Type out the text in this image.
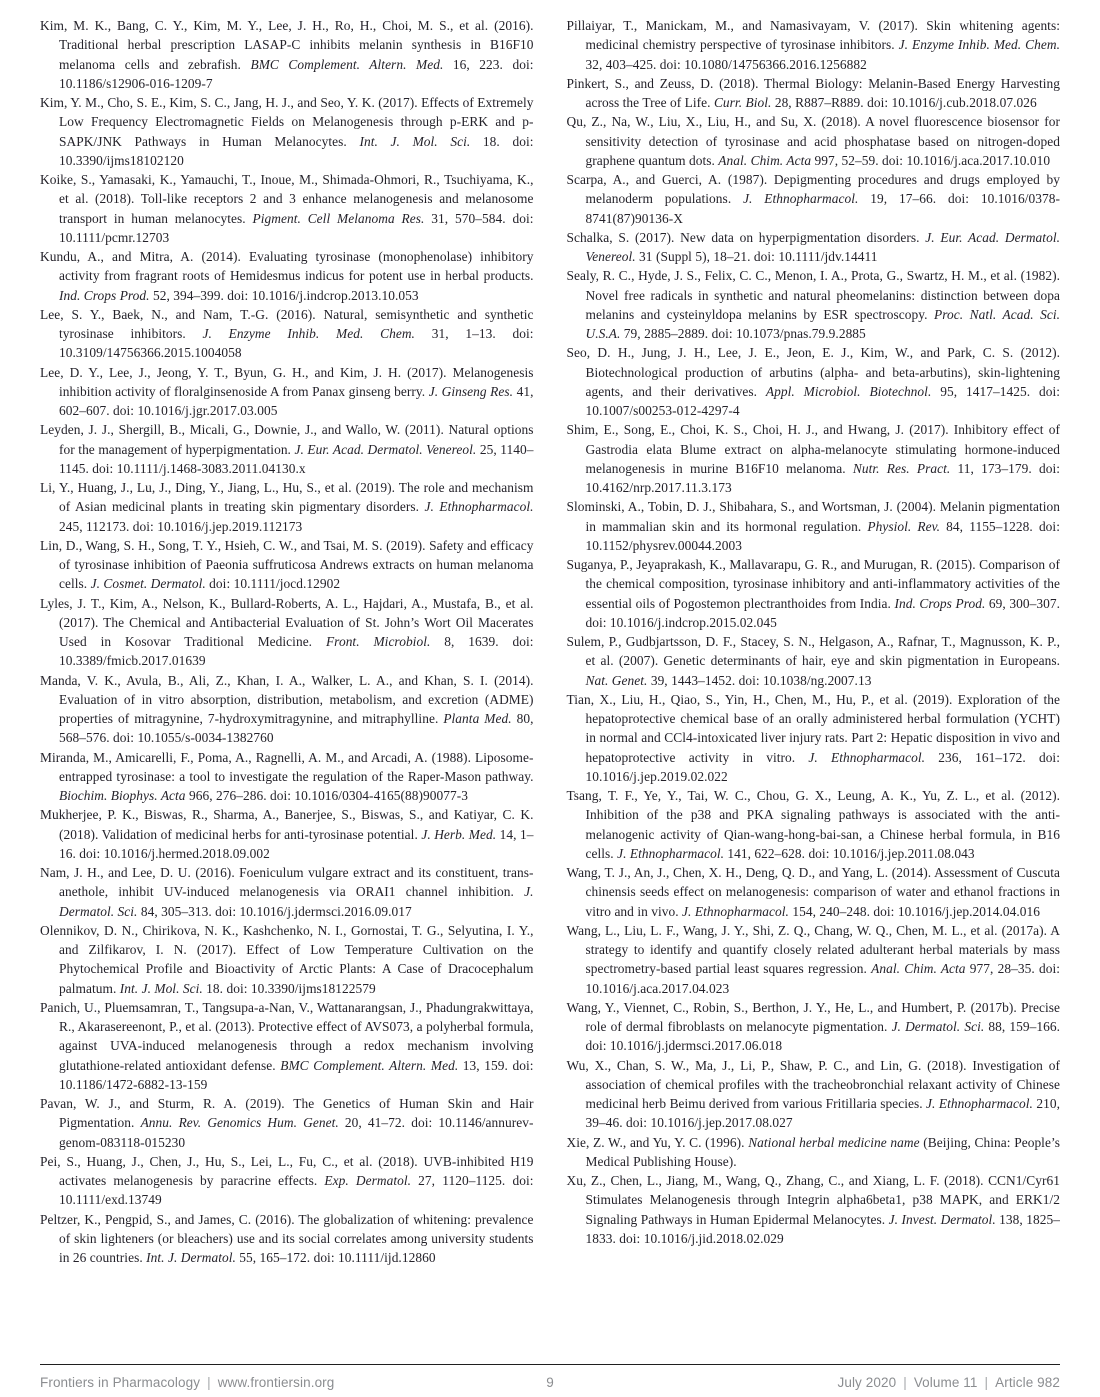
Kim, M. K., Bang, C. Y., Kim, M. Y., Lee, J. H., Ro, H., Choi, M. S., et al. (2016). Traditional herbal prescription LASAP-C inhibits melanin synthesis in B16F10 melanoma cells and zebrafish. BMC Complement. Altern. Med. 16, 223. doi: 10.1186/s12906-016-1209-7

Kim, Y. M., Cho, S. E., Kim, S. C., Jang, H. J., and Seo, Y. K. (2017). Effects of Extremely Low Frequency Electromagnetic Fields on Melanogenesis through p-ERK and p-SAPK/JNK Pathways in Human Melanocytes. Int. J. Mol. Sci. 18. doi: 10.3390/ijms18102120

Koike, S., Yamasaki, K., Yamauchi, T., Inoue, M., Shimada-Ohmori, R., Tsuchiyama, K., et al. (2018). Toll-like receptors 2 and 3 enhance melanogenesis and melanosome transport in human melanocytes. Pigment. Cell Melanoma Res. 31, 570–584. doi: 10.1111/pcmr.12703

Kundu, A., and Mitra, A. (2014). Evaluating tyrosinase (monophenolase) inhibitory activity from fragrant roots of Hemidesmus indicus for potent use in herbal products. Ind. Crops Prod. 52, 394–399. doi: 10.1016/j.indcrop.2013.10.053

Lee, S. Y., Baek, N., and Nam, T.-G. (2016). Natural, semisynthetic and synthetic tyrosinase inhibitors. J. Enzyme Inhib. Med. Chem. 31, 1–13. doi: 10.3109/14756366.2015.1004058

Lee, D. Y., Lee, J., Jeong, Y. T., Byun, G. H., and Kim, J. H. (2017). Melanogenesis inhibition activity of floralginsenoside A from Panax ginseng berry. J. Ginseng Res. 41, 602–607. doi: 10.1016/j.jgr.2017.03.005

Leyden, J. J., Shergill, B., Micali, G., Downie, J., and Wallo, W. (2011). Natural options for the management of hyperpigmentation. J. Eur. Acad. Dermatol. Venereol. 25, 1140–1145. doi: 10.1111/j.1468-3083.2011.04130.x

Li, Y., Huang, J., Lu, J., Ding, Y., Jiang, L., Hu, S., et al. (2019). The role and mechanism of Asian medicinal plants in treating skin pigmentary disorders. J. Ethnopharmacol. 245, 112173. doi: 10.1016/j.jep.2019.112173

Lin, D., Wang, S. H., Song, T. Y., Hsieh, C. W., and Tsai, M. S. (2019). Safety and efficacy of tyrosinase inhibition of Paeonia suffruticosa Andrews extracts on human melanoma cells. J. Cosmet. Dermatol. doi: 10.1111/jocd.12902

Lyles, J. T., Kim, A., Nelson, K., Bullard-Roberts, A. L., Hajdari, A., Mustafa, B., et al. (2017). The Chemical and Antibacterial Evaluation of St. John’s Wort Oil Macerates Used in Kosovar Traditional Medicine. Front. Microbiol. 8, 1639. doi: 10.3389/fmicb.2017.01639

Manda, V. K., Avula, B., Ali, Z., Khan, I. A., Walker, L. A., and Khan, S. I. (2014). Evaluation of in vitro absorption, distribution, metabolism, and excretion (ADME) properties of mitragynine, 7-hydroxymitragynine, and mitraphylline. Planta Med. 80, 568–576. doi: 10.1055/s-0034-1382760

Miranda, M., Amicarelli, F., Poma, A., Ragnelli, A. M., and Arcadi, A. (1988). Liposome-entrapped tyrosinase: a tool to investigate the regulation of the Raper-Mason pathway. Biochim. Biophys. Acta 966, 276–286. doi: 10.1016/0304-4165(88)90077-3

Mukherjee, P. K., Biswas, R., Sharma, A., Banerjee, S., Biswas, S., and Katiyar, C. K. (2018). Validation of medicinal herbs for anti-tyrosinase potential. J. Herb. Med. 14, 1–16. doi: 10.1016/j.hermed.2018.09.002

Nam, J. H., and Lee, D. U. (2016). Foeniculum vulgare extract and its constituent, trans-anethole, inhibit UV-induced melanogenesis via ORAI1 channel inhibition. J. Dermatol. Sci. 84, 305–313. doi: 10.1016/j.jdermsci.2016.09.017

Olennikov, D. N., Chirikova, N. K., Kashchenko, N. I., Gornostai, T. G., Selyutina, I. Y., and Zilfikarov, I. N. (2017). Effect of Low Temperature Cultivation on the Phytochemical Profile and Bioactivity of Arctic Plants: A Case of Dracocephalum palmatum. Int. J. Mol. Sci. 18. doi: 10.3390/ijms18122579

Panich, U., Pluemsamran, T., Tangsupa-a-Nan, V., Wattanarangsan, J., Phadungrakwittaya, R., Akarasereenont, P., et al. (2013). Protective effect of AVS073, a polyherbal formula, against UVA-induced melanogenesis through a redox mechanism involving glutathione-related antioxidant defense. BMC Complement. Altern. Med. 13, 159. doi: 10.1186/1472-6882-13-159

Pavan, W. J., and Sturm, R. A. (2019). The Genetics of Human Skin and Hair Pigmentation. Annu. Rev. Genomics Hum. Genet. 20, 41–72. doi: 10.1146/annurev-genom-083118-015230

Pei, S., Huang, J., Chen, J., Hu, S., Lei, L., Fu, C., et al. (2018). UVB-inhibited H19 activates melanogenesis by paracrine effects. Exp. Dermatol. 27, 1120–1125. doi: 10.1111/exd.13749

Peltzer, K., Pengpid, S., and James, C. (2016). The globalization of whitening: prevalence of skin lighteners (or bleachers) use and its social correlates among university students in 26 countries. Int. J. Dermatol. 55, 165–172. doi: 10.1111/ijd.12860

Pillaiyar, T., Manickam, M., and Namasivayam, V. (2017). Skin whitening agents: medicinal chemistry perspective of tyrosinase inhibitors. J. Enzyme Inhib. Med. Chem. 32, 403–425. doi: 10.1080/14756366.2016.1256882

Pinkert, S., and Zeuss, D. (2018). Thermal Biology: Melanin-Based Energy Harvesting across the Tree of Life. Curr. Biol. 28, R887–R889. doi: 10.1016/j.cub.2018.07.026

Qu, Z., Na, W., Liu, X., Liu, H., and Su, X. (2018). A novel fluorescence biosensor for sensitivity detection of tyrosinase and acid phosphatase based on nitrogen-doped graphene quantum dots. Anal. Chim. Acta 997, 52–59. doi: 10.1016/j.aca.2017.10.010

Scarpa, A., and Guerci, A. (1987). Depigmenting procedures and drugs employed by melanoderm populations. J. Ethnopharmacol. 19, 17–66. doi: 10.1016/0378-8741(87)90136-X

Schalka, S. (2017). New data on hyperpigmentation disorders. J. Eur. Acad. Dermatol. Venereol. 31 (Suppl 5), 18–21. doi: 10.1111/jdv.14411

Sealy, R. C., Hyde, J. S., Felix, C. C., Menon, I. A., Prota, G., Swartz, H. M., et al. (1982). Novel free radicals in synthetic and natural pheomelanins: distinction between dopa melanins and cysteinyldopa melanins by ESR spectroscopy. Proc. Natl. Acad. Sci. U.S.A. 79, 2885–2889. doi: 10.1073/pnas.79.9.2885

Seo, D. H., Jung, J. H., Lee, J. E., Jeon, E. J., Kim, W., and Park, C. S. (2012). Biotechnological production of arbutins (alpha- and beta-arbutins), skin-lightening agents, and their derivatives. Appl. Microbiol. Biotechnol. 95, 1417–1425. doi: 10.1007/s00253-012-4297-4

Shim, E., Song, E., Choi, K. S., Choi, H. J., and Hwang, J. (2017). Inhibitory effect of Gastrodia elata Blume extract on alpha-melanocyte stimulating hormone-induced melanogenesis in murine B16F10 melanoma. Nutr. Res. Pract. 11, 173–179. doi: 10.4162/nrp.2017.11.3.173

Slominski, A., Tobin, D. J., Shibahara, S., and Wortsman, J. (2004). Melanin pigmentation in mammalian skin and its hormonal regulation. Physiol. Rev. 84, 1155–1228. doi: 10.1152/physrev.00044.2003

Suganya, P., Jeyaprakash, K., Mallavarapu, G. R., and Murugan, R. (2015). Comparison of the chemical composition, tyrosinase inhibitory and anti-inflammatory activities of the essential oils of Pogostemon plectranthoides from India. Ind. Crops Prod. 69, 300–307. doi: 10.1016/j.indcrop.2015.02.045

Sulem, P., Gudbjartsson, D. F., Stacey, S. N., Helgason, A., Rafnar, T., Magnusson, K. P., et al. (2007). Genetic determinants of hair, eye and skin pigmentation in Europeans. Nat. Genet. 39, 1443–1452. doi: 10.1038/ng.2007.13

Tian, X., Liu, H., Qiao, S., Yin, H., Chen, M., Hu, P., et al. (2019). Exploration of the hepatoprotective chemical base of an orally administered herbal formulation (YCHT) in normal and CCl4-intoxicated liver injury rats. Part 2: Hepatic disposition in vivo and hepatoprotective activity in vitro. J. Ethnopharmacol. 236, 161–172. doi: 10.1016/j.jep.2019.02.022

Tsang, T. F., Ye, Y., Tai, W. C., Chou, G. X., Leung, A. K., Yu, Z. L., et al. (2012). Inhibition of the p38 and PKA signaling pathways is associated with the anti-melanogenic activity of Qian-wang-hong-bai-san, a Chinese herbal formula, in B16 cells. J. Ethnopharmacol. 141, 622–628. doi: 10.1016/j.jep.2011.08.043

Wang, T. J., An, J., Chen, X. H., Deng, Q. D., and Yang, L. (2014). Assessment of Cuscuta chinensis seeds effect on melanogenesis: comparison of water and ethanol fractions in vitro and in vivo. J. Ethnopharmacol. 154, 240–248. doi: 10.1016/j.jep.2014.04.016

Wang, L., Liu, L. F., Wang, J. Y., Shi, Z. Q., Chang, W. Q., Chen, M. L., et al. (2017a). A strategy to identify and quantify closely related adulterant herbal materials by mass spectrometry-based partial least squares regression. Anal. Chim. Acta 977, 28–35. doi: 10.1016/j.aca.2017.04.023

Wang, Y., Viennet, C., Robin, S., Berthon, J. Y., He, L., and Humbert, P. (2017b). Precise role of dermal fibroblasts on melanocyte pigmentation. J. Dermatol. Sci. 88, 159–166. doi: 10.1016/j.jdermsci.2017.06.018

Wu, X., Chan, S. W., Ma, J., Li, P., Shaw, P. C., and Lin, G. (2018). Investigation of association of chemical profiles with the tracheobronchial relaxant activity of Chinese medicinal herb Beimu derived from various Fritillaria species. J. Ethnopharmacol. 210, 39–46. doi: 10.1016/j.jep.2017.08.027

Xie, Z. W., and Yu, Y. C. (1996). National herbal medicine name (Beijing, China: People’s Medical Publishing House).

Xu, Z., Chen, L., Jiang, M., Wang, Q., Zhang, C., and Xiang, L. F. (2018). CCN1/Cyr61 Stimulates Melanogenesis through Integrin alpha6beta1, p38 MAPK, and ERK1/2 Signaling Pathways in Human Epidermal Melanocytes. J. Invest. Dermatol. 138, 1825–1833. doi: 10.1016/j.jid.2018.02.029

Frontiers in Pharmacology | www.frontiersin.org	9	July 2020 | Volume 11 | Article 982
